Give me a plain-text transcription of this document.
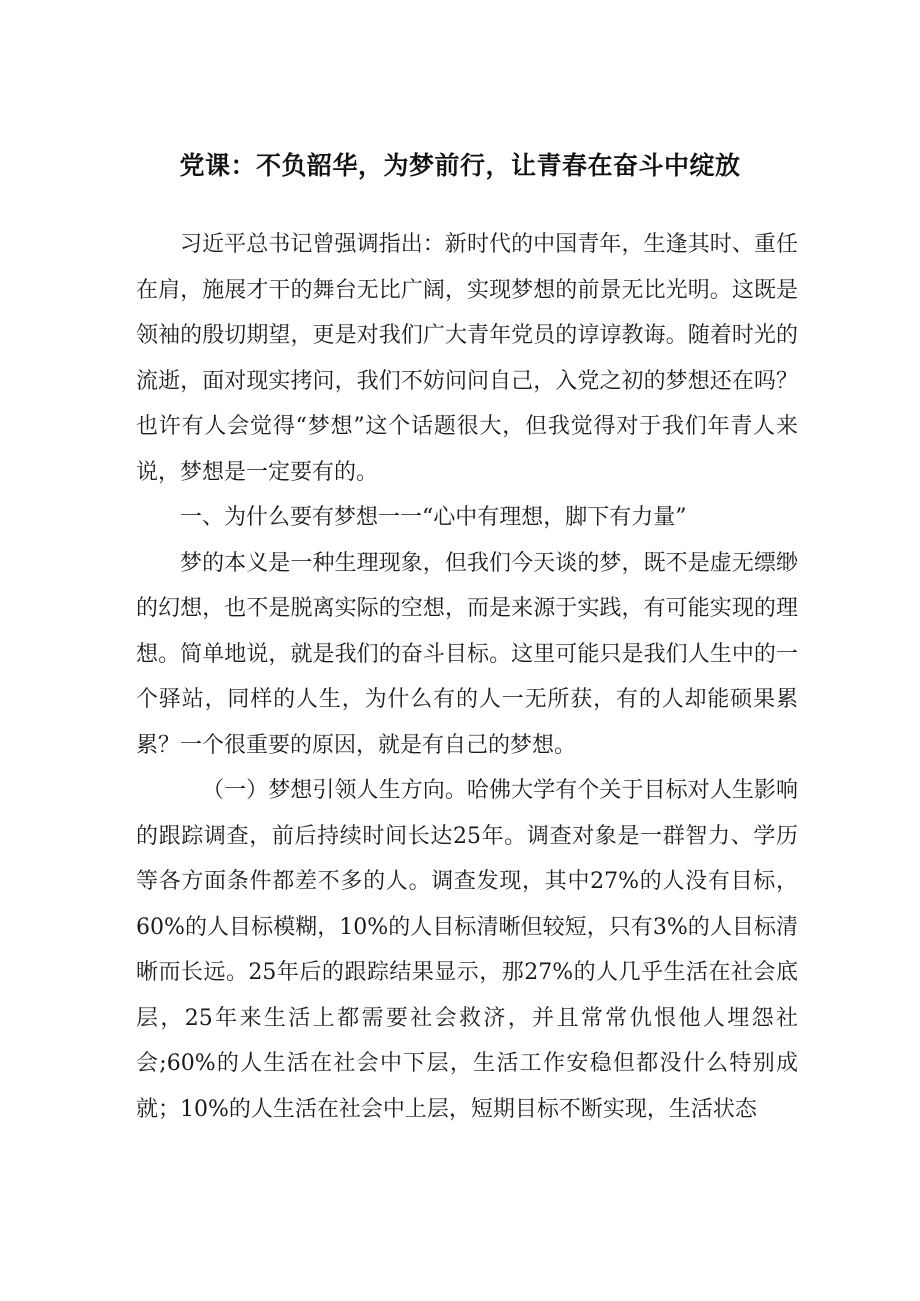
党课：不负韶华，为梦前行，让青春在奋斗中绽放

习近平总书记曾强调指出：新时代的中国青年，生逢其时、重任在肩，施展才干的舞台无比广阔，实现梦想的前景无比光明。这既是领袖的殷切期望，更是对我们广大青年党员的谆谆教诲。随着时光的流逝，面对现实拷问，我们不妨问问自己，入党之初的梦想还在吗？也许有人会觉得“梦想”这个话题很大，但我觉得对于我们年青人来说，梦想是一定要有的。

一、为什么要有梦想一一“心中有理想，脚下有力量”

梦的本义是一种生理现象，但我们今天谈的梦，既不是虚无缥缈的幻想，也不是脱离实际的空想，而是来源于实践，有可能实现的理想。简单地说，就是我们的奋斗目标。这里可能只是我们人生中的一个驿站，同样的人生，为什么有的人一无所获，有的人却能硕果累累？一个很重要的原因，就是有自己的梦想。

（一）梦想引领人生方向。哈佛大学有个关于目标对人生影响的跟踪调查，前后持续时间长达25年。调查对象是一群智力、学历等各方面条件都差不多的人。调查发现，其中27%的人没有目标，60%的人目标模糊，10%的人目标清晰但较短，只有3%的人目标清晰而长远。25年后的跟踪结果显示，那27%的人几乎生活在社会底层，25年来生活上都需要社会救济，并且常常仇恨他人埋怨社会;60%的人生活在社会中下层，生活工作安稳但都没什么特别成就；10%的人生活在社会中上层，短期目标不断实现，生活状态
